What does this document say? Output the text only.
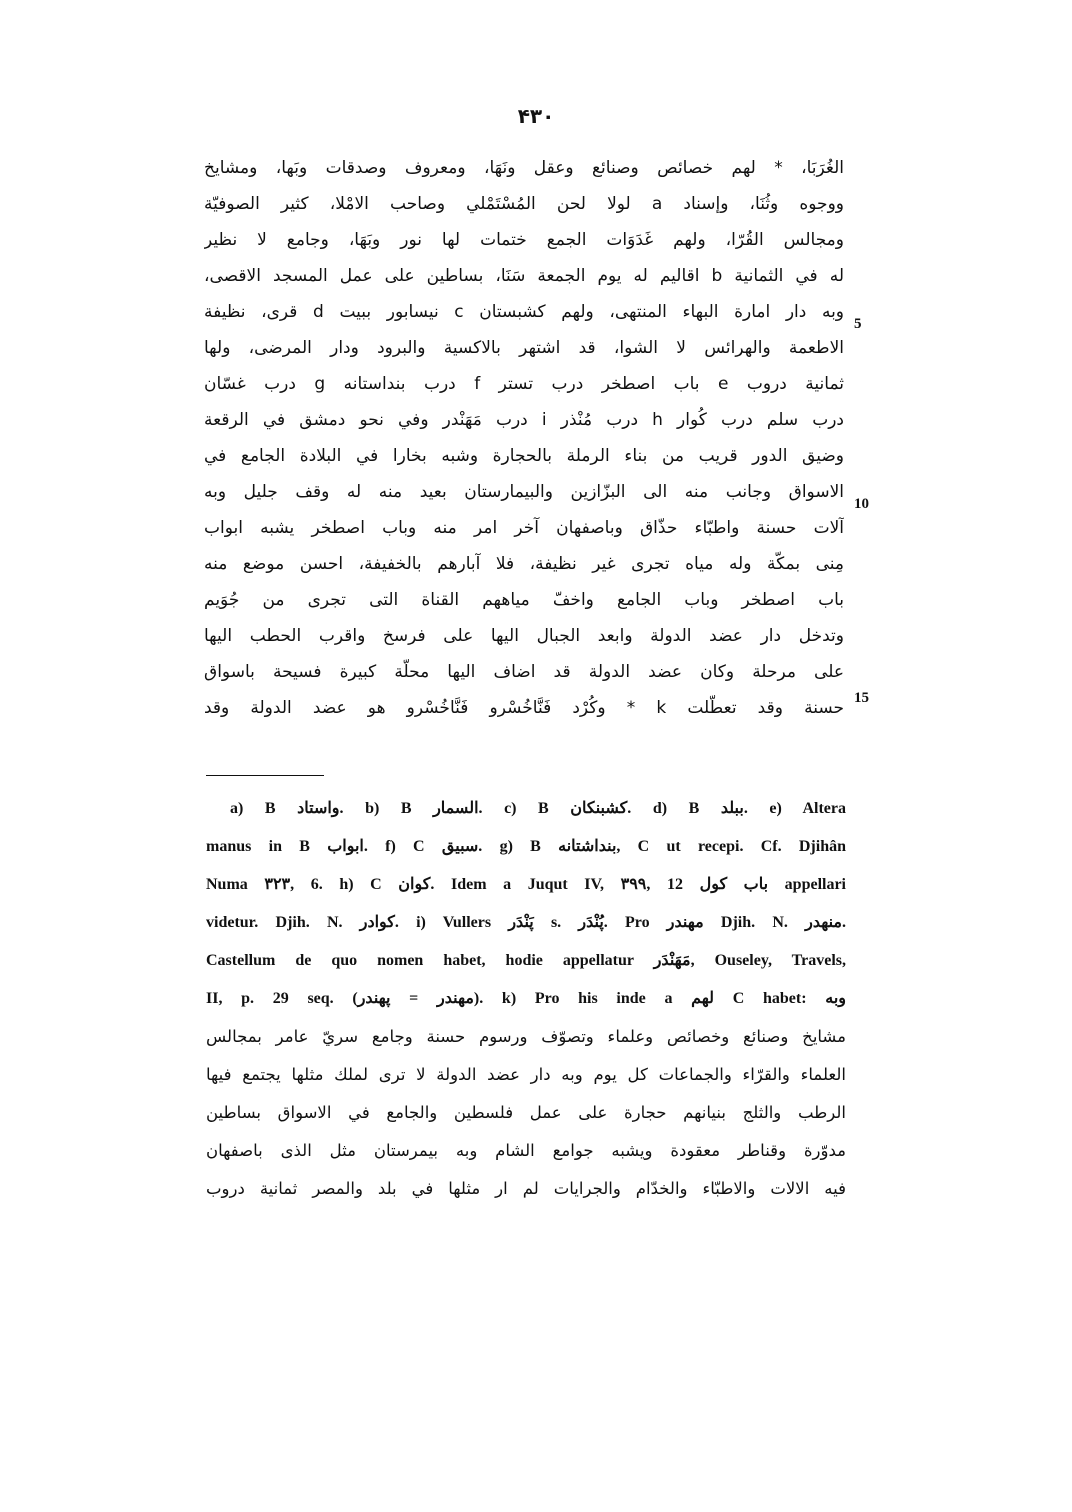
۴۳۰
الغُرَبَا، * لهم خصائص وصنائع وعقل ونَهَا، ومعروف وصدقات وبَها، ومشايخ
ووجوه وثُنَا، وإسناد a لولا لحن المُسْتَمْلي وصاحب الامْلا، كثير الصوفيّة
ومجالس القُرّا، ولهم غَدَوَات الجمع ختمات لها نور وبَهَا، وجامع لا نظير
له في الثمانية b اقاليم له يوم الجمعة سَنَا، بساطين على عمل المسجد الاقصى،
وبه دار امارة البهاء المنتهى، ولهم كشبستان c نيسابور ببيت d قرى، نظيفة
الاطعمة والهرائس لا الشوا، قد اشتهر بالاكسية والبرود ودار المرضى، ولها
ثمانية دروب e باب اصطخر درب تستر f درب بنداستانه g درب غسّان
درب سلم درب كُوار h درب مُنْذر i درب مَهَنْدر وفي نحو دمشق في الرقعة
وضيق الدور قريب من بناء الرملة بالحجارة وشبه بخارا في البلادة الجامع في
الاسواق وجانب منه الى البزّازين والبيمارستان بعيد منه له وقف جليل وبه
آلات حسنة واطبّاء حذّاق وباصفهان آخر امر منه وباب اصطخر يشبه ابواب
مِنى بمكّة وله مياه تجرى غير نظيفة، فلا آبارهم بالخفيفة، احسن موضع منه
باب اصطخر وباب الجامع واخفّ مياههم القناة التى تجرى من جُوَيم
وتدخل دار عضد الدولة وابعد الجبال اليها على فرسخ واقرب الحطب اليها
على مرحلة وكان عضد الدولة قد اضاف اليها محلّة كبيرة فسيحة باسواق
حسنة وقد تعطّلت k * وكُرْد فَنَّاخُسْرو فَنَّاخُسْرو هو عضد الدولة وقد
5
10
15
a) B واستاد. b) B السمار. c) B كشبنكان. d) B ببلد. e) Altera
manus in B ابواب. f) C سبيق. g) B بنداشتانه, C ut recepi. Cf. Djihân
Numa ۳۲۳, 6. h) C كوان. Idem a Juqut IV, ۳۹۹, 12 باب كول appellari
videtur. Djih. N. كوادر. i) Vullers پَنْدَر s. پُنْدَر. Pro مهندر Djih. N. منهدر.
Castellum de quo nomen habet, hodie appellatur مَهَنْدَر, Ouseley, Travels,
II, p. 29 seq. (مهندر = پهندر). k) Pro his inde a لهم C habet: وبه
مشايخ وصنائع وخصائص وعلماء وتصوّف ورسوم حسنة وجامع سريّ عامر بمجالس
العلماء والقرّاء والجماعات كل يوم وبه دار عضد الدولة لا ترى لملك مثلها يجتمع فيها
الرطب والثلج بنيانهم حجارة على عمل فلسطين والجامع في الاسواق بساطين
مدوّرة وقناطر معقودة ويشبه جوامع الشام وبه بيمرستان مثل الذى باصفهان
فيه الالات والاطبّاء والخدّام والجرايات لم ار مثلها في بلد والمصر ثمانية دروب
